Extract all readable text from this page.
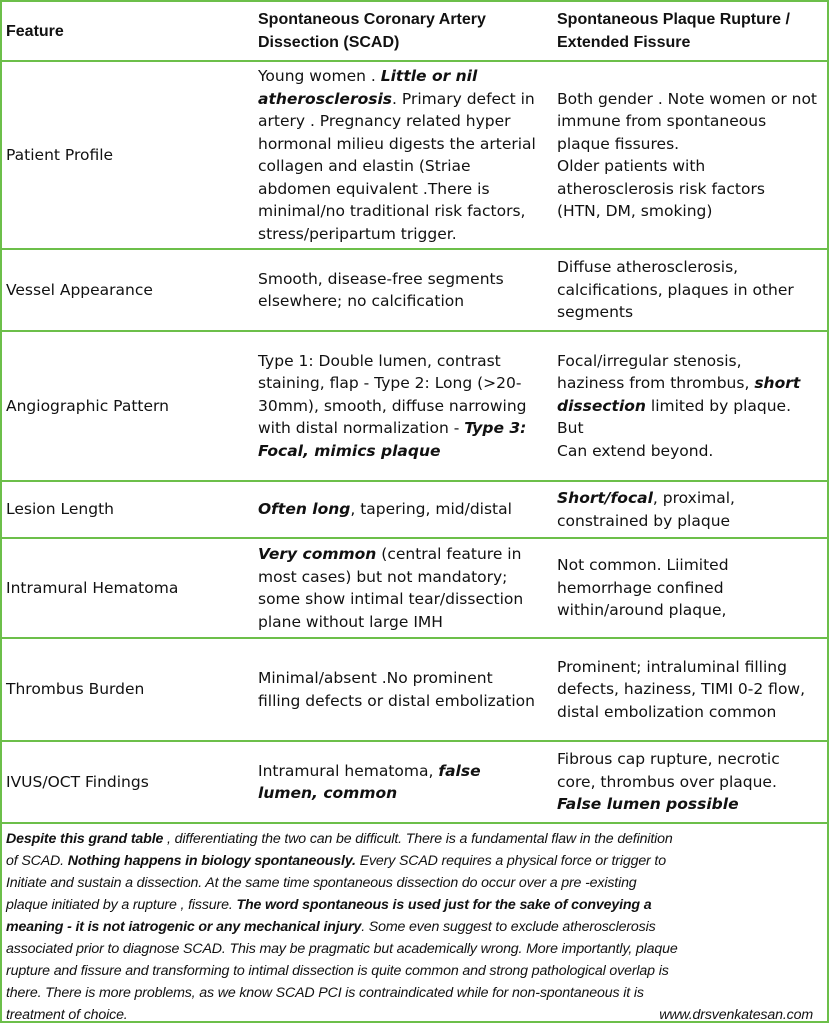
Feature
Spontaneous Coronary Artery
Dissection (SCAD)
Spontaneous Plaque Rupture /
Extended Fissure
Patient Profile
Young women . Little or nil
atherosclerosis. Primary defect in
artery . Pregnancy related hyper
hormonal milieu digests the arterial
collagen and elastin (Striae
abdomen equivalent .There is
minimal/no traditional risk factors,
stress/peripartum trigger.
Both gender . Note women or not
immune from spontaneous
plaque fissures.
Older patients with
atherosclerosis risk factors
(HTN, DM, smoking)
Vessel Appearance
Smooth, disease-free segments
elsewhere; no calcification
Diffuse atherosclerosis,
calcifications, plaques in other
segments
Angiographic Pattern
Type 1: Double lumen, contrast
staining, flap - Type 2: Long (>20-
30mm), smooth, diffuse narrowing
with distal normalization - Type 3:
Focal, mimics plaque
Focal/irregular stenosis,
haziness from thrombus, short
dissection limited by plaque.
But
Can extend beyond.
Lesion Length	Often long, tapering, mid/distal
Short/focal, proximal,
constrained by plaque
Intramural Hematoma
Very common (central feature in
most cases) but not mandatory;
some show intimal tear/dissection
plane without large IMH
Not common. Liimited
hemorrhage confined
within/around plaque,
Thrombus Burden
Minimal/absent .No prominent
filling defects or distal embolization
Prominent; intraluminal filling
defects, haziness, TIMI 0-2 flow,
distal embolization common
IVUS/OCT Findings
Intramural hematoma, false
lumen, common
Fibrous cap rupture, necrotic
core, thrombus over plaque.
False lumen possible
Despite this grand table , differentiating the two can be difficult. There is a fundamental flaw in the definition
of SCAD. Nothing happens in biology spontaneously. Every SCAD requires a physical force or trigger to
Initiate and sustain a dissection. At the same time spontaneous dissection do occur over a pre -existing
plaque initiated by a rupture , fissure. The word spontaneous is used just for the sake of conveying a
meaning - it is not iatrogenic or any mechanical injury. Some even suggest to exclude atherosclerosis
associated prior to diagnose SCAD. This may be pragmatic but academically wrong. More importantly, plaque
rupture and fissure and transforming to intimal dissection is quite common and strong pathological overlap is
there. There is more problems, as we know SCAD PCI is contraindicated while for non-spontaneous it is
treatment of choice.	www.drsvenkatesan.com
